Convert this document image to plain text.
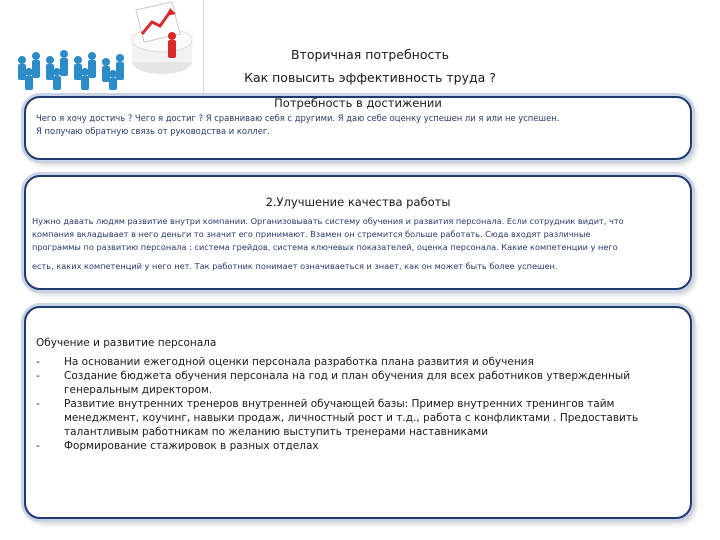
Вторичная потребность
Как повысить эффективность труда ?
Потребность в достижении
Чего я хочу достичь ? Чего я достиг ? Я сравниваю себя с другими. Я даю себе оценку успешен ли я или не успешен.
Я получаю обратную связь от руководства и коллег.
2.Улучшение качества работы
Нужно давать людям развитие внутри компании. Организовывать систему обучения и развития персонала. Если сотрудник видит, что
компания вкладывает в него деньги то значит его принимают. Взамен он стремится больше работать. Сюда входят различные
программы по развитию персонала : система грейдов, система ключевых показателей, оценка персонала. Какие компетенции у него
есть, каких компетенций у него нет. Так работник понимает означиваеться и знает, как он может быть более успешен.
Обучение и развитие персонала
-	На основании ежегодной оценки персонала разработка плана развития и обучения
-	Создание бюджета обучения персонала на год и план обучения для всех работников утвержденный генеральным директором.
-	Развитие внутренних тренеров внутренней обучающей базы: Пример внутренних тренингов тайм менеджмент, коучинг, навыки продаж, личностный рост и т.д., работа с конфликтами . Предоставить талантливым работникам по желанию выступить тренерами наставниками
-	Формирование стажировок в разных отделах
